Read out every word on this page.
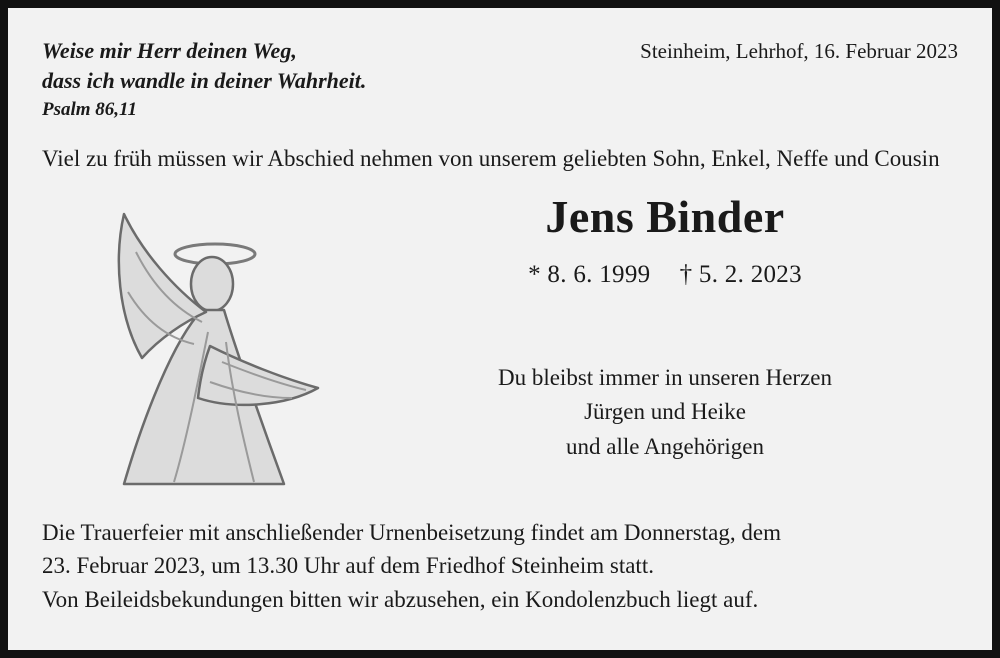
Weise mir Herr deinen Weg,
dass ich wandle in deiner Wahrheit.
Psalm 86,11
Steinheim, Lehrhof, 16. Februar 2023
Viel zu früh müssen wir Abschied nehmen von unserem geliebten Sohn, Enkel, Neffe und Cousin
Jens Binder
* 8. 6. 1999 † 5. 2. 2023
Du bleibst immer in unseren Herzen
Jürgen und Heike
und alle Angehörigen
Die Trauerfeier mit anschließender Urnenbeisetzung findet am Donnerstag, dem
23. Februar 2023, um 13.30 Uhr auf dem Friedhof Steinheim statt.
Von Beileidsbekundungen bitten wir abzusehen, ein Kondolenzbuch liegt auf.
